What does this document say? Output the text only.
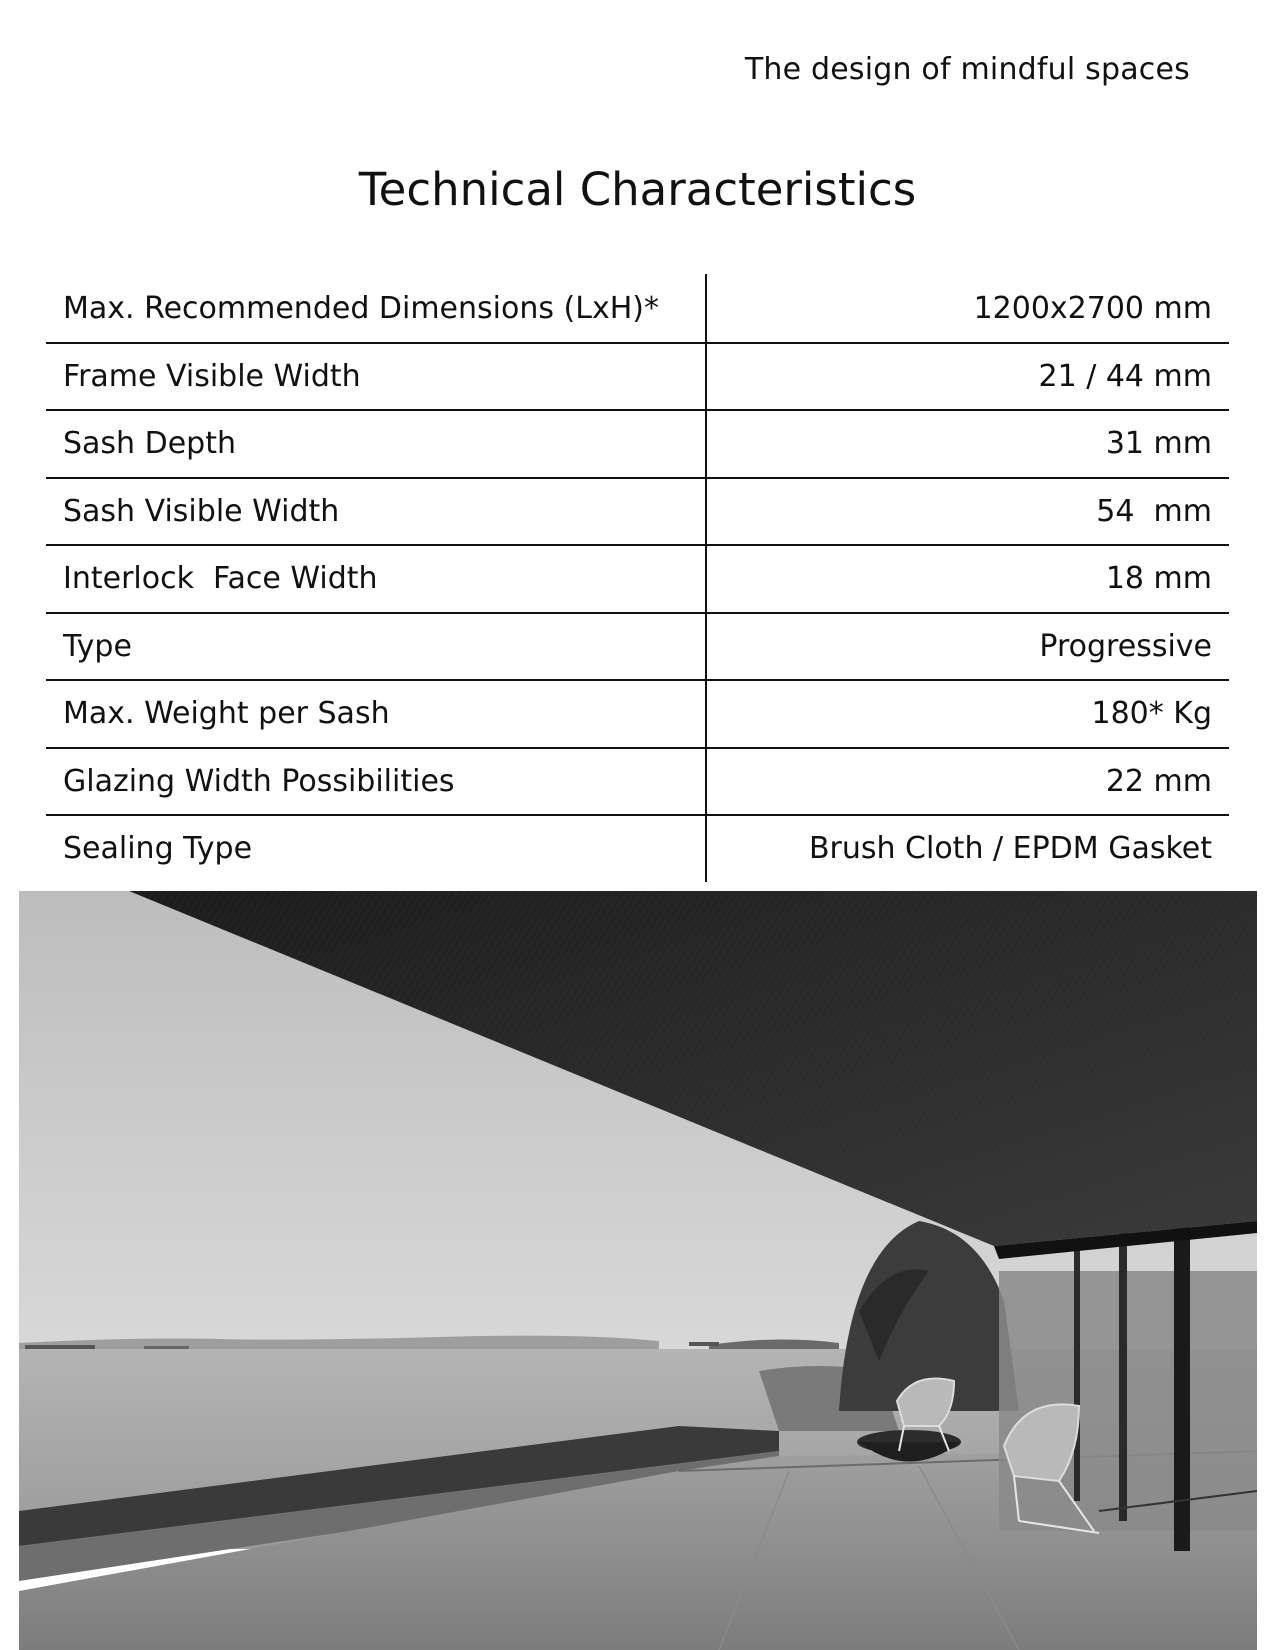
The design of mindful spaces
Technical Characteristics
Max. Recommended Dimensions (LxH)*	1200x2700 mm
Frame Visible Width	21 / 44 mm
Sash Depth	31 mm
Sash Visible Width	54  mm
Interlock  Face Width	18 mm
Type	Progressive
Max. Weight per Sash	180* Kg
Glazing Width Possibilities	22 mm
Sealing Type	Brush Cloth / EPDM Gasket
